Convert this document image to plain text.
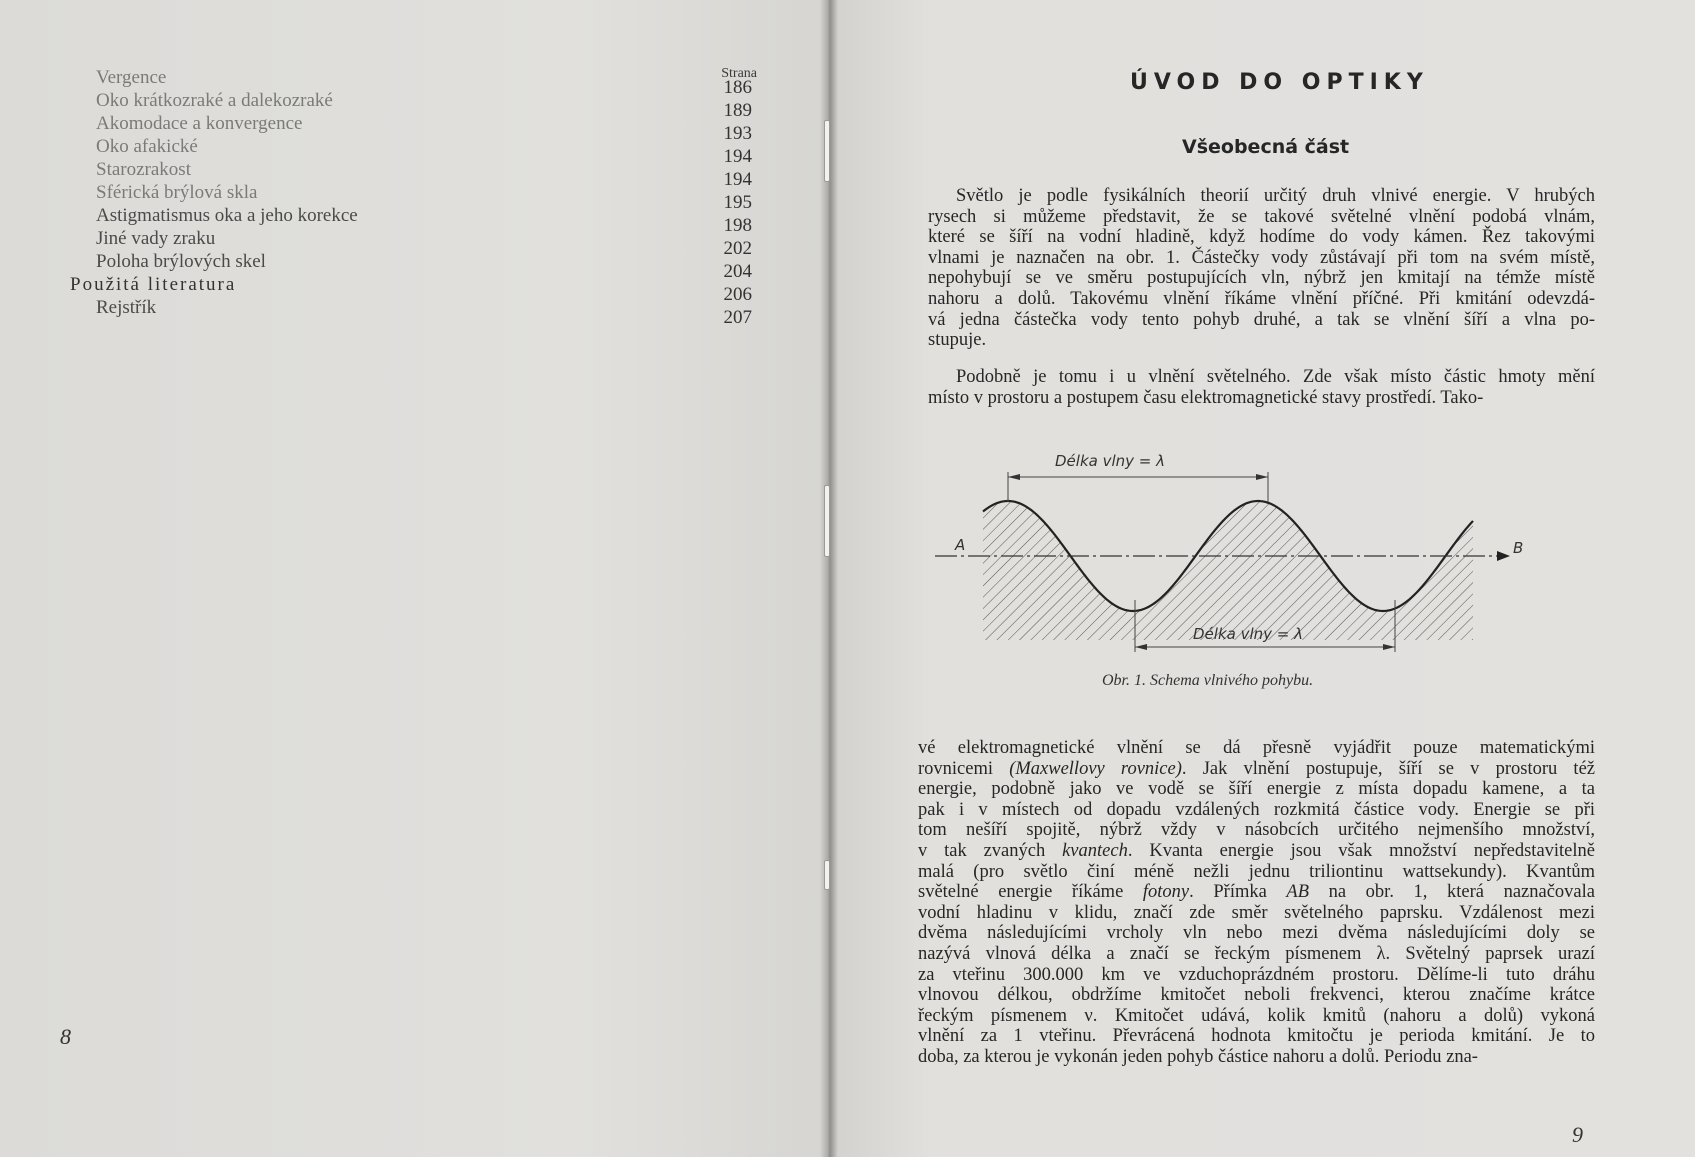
Strana
Vergence	186
Oko krátkozraké a dalekozraké	189
Akomodace a konvergence	193
Oko afakické	194
Starozrakost	194
Sférická brýlová skla	195
Astigmatismus oka a jeho korekce	198
Jiné vady zraku	202
Poloha brýlových skel	204
Použitá literatura	206
Rejstřík	207
8
ÚVOD DO OPTIKY
Všeobecná část
Světlo je podle fysikálních theorií určitý druh vlnivé energie. V hrubých
rysech si můžeme představit, že se takové světelné vlnění podobá vlnám,
které se šíří na vodní hladině, když hodíme do vody kámen. Řez takovými
vlnami je naznačen na obr. 1. Částečky vody zůstávají při tom na svém místě,
nepohybují se ve směru postupujících vln, nýbrž jen kmitají na témže místě
nahoru a dolů. Takovému vlnění říkáme vlnění příčné. Při kmitání odevzdá-
vá jedna částečka vody tento pohyb druhé, a tak se vlnění šíří a vlna po-
stupuje.
Podobně je tomu i u vlnění světelného. Zde však místo částic hmoty mění
místo v prostoru a postupem času elektromagnetické stavy prostředí. Tako-
Délka vlny = λ
Délka vlny = λ
A	B
Obr. 1. Schema vlnivého pohybu.
vé elektromagnetické vlnění se dá přesně vyjádřit pouze matematickými
rovnicemi (Maxwellovy rovnice). Jak vlnění postupuje, šíří se v prostoru též
energie, podobně jako ve vodě se šíří energie z místa dopadu kamene, a ta
pak i v místech od dopadu vzdálených rozkmitá částice vody. Energie se při
tom nešíří spojitě, nýbrž vždy v násobcích určitého nejmenšího množství,
v tak zvaných kvantech. Kvanta energie jsou však množství nepředstavitelně
malá (pro světlo činí méně nežli jednu triliontinu wattsekundy). Kvantům
světelné energie říkáme fotony. Přímka AB na obr. 1, která naznačovala
vodní hladinu v klidu, značí zde směr světelného paprsku. Vzdálenost mezi
dvěma následujícími vrcholy vln nebo mezi dvěma následujícími doly se
nazývá vlnová délka a značí se řeckým písmenem λ. Světelný paprsek urazí
za vteřinu 300.000 km ve vzduchoprázdném prostoru. Dělíme-li tuto dráhu
vlnovou délkou, obdržíme kmitočet neboli frekvenci, kterou značíme krátce
řeckým písmenem ν. Kmitočet udává, kolik kmitů (nahoru a dolů) vykoná
vlnění za 1 vteřinu. Převrácená hodnota kmitočtu je perioda kmitání. Je to
doba, za kterou je vykonán jeden pohyb částice nahoru a dolů. Periodu zna-
9
